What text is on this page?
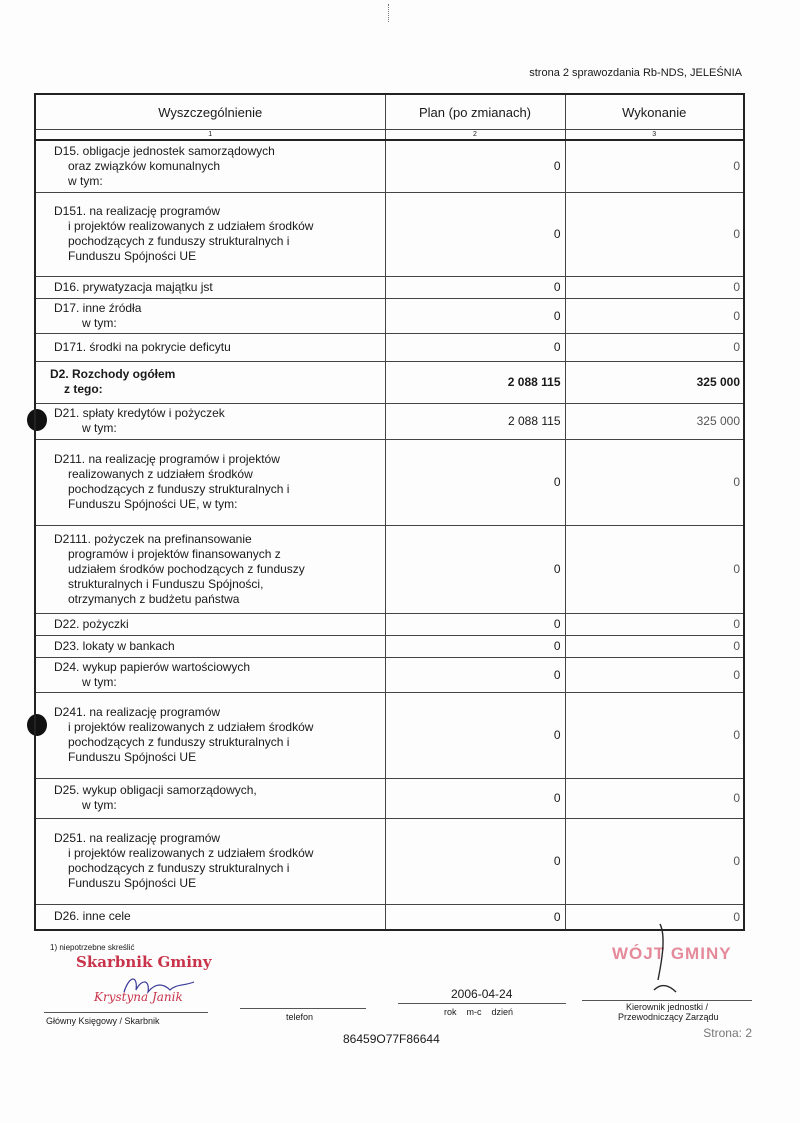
strona 2 sprawozdania Rb-NDS, JELEŚNIA
Wyszczególnienie	Plan (po zmianach)	Wykonanie
1	2	3

D15. obligacje jednostek samorządowych
oraz związków komunalnych
w tym:	0	0

D151. na realizację programów
i projektów realizowanych z udziałem środków
pochodzących z funduszy strukturalnych i
Funduszu Spójności UE	0	0

D16. prywatyzacja majątku jst	0	0

D17. inne źródła
w tym:	0	0

D171. środki na pokrycie deficytu	0	0

D2. Rozchody ogółem
z tego:	2 088 115	325 000

D21. spłaty kredytów i pożyczek
w tym:	2 088 115	325 000

D211. na realizację programów i projektów
realizowanych z udziałem środków
pochodzących z funduszy strukturalnych i
Funduszu Spójności UE, w tym:	0	0

D2111. pożyczek na prefinansowanie
programów i projektów finansowanych z
udziałem środków pochodzących z funduszy
strukturalnych i Funduszu Spójności,
otrzymanych z budżetu państwa	0	0

D22. pożyczki	0	0

D23. lokaty w bankach	0	0

D24. wykup papierów wartościowych
w tym:	0	0

D241. na realizację programów
i projektów realizowanych z udziałem środków
pochodzących z funduszy strukturalnych i
Funduszu Spójności UE	0	0

D25. wykup obligacji samorządowych,
w tym:	0	0

D251. na realizację programów
i projektów realizowanych z udziałem środków
pochodzących z funduszy strukturalnych i
Funduszu Spójności UE	0	0

D26. inne cele	0	0
1) niepotrzebne skreślić
Skarbnik Gminy
Krystyna Janik
Główny Księgowy / Skarbnik	telefon
2006-04-24
rok    m-c    dzień
WÓJT GMINY
Kierownik jednostki /
Przewodniczący Zarządu
86459O77F86644	Strona: 2
